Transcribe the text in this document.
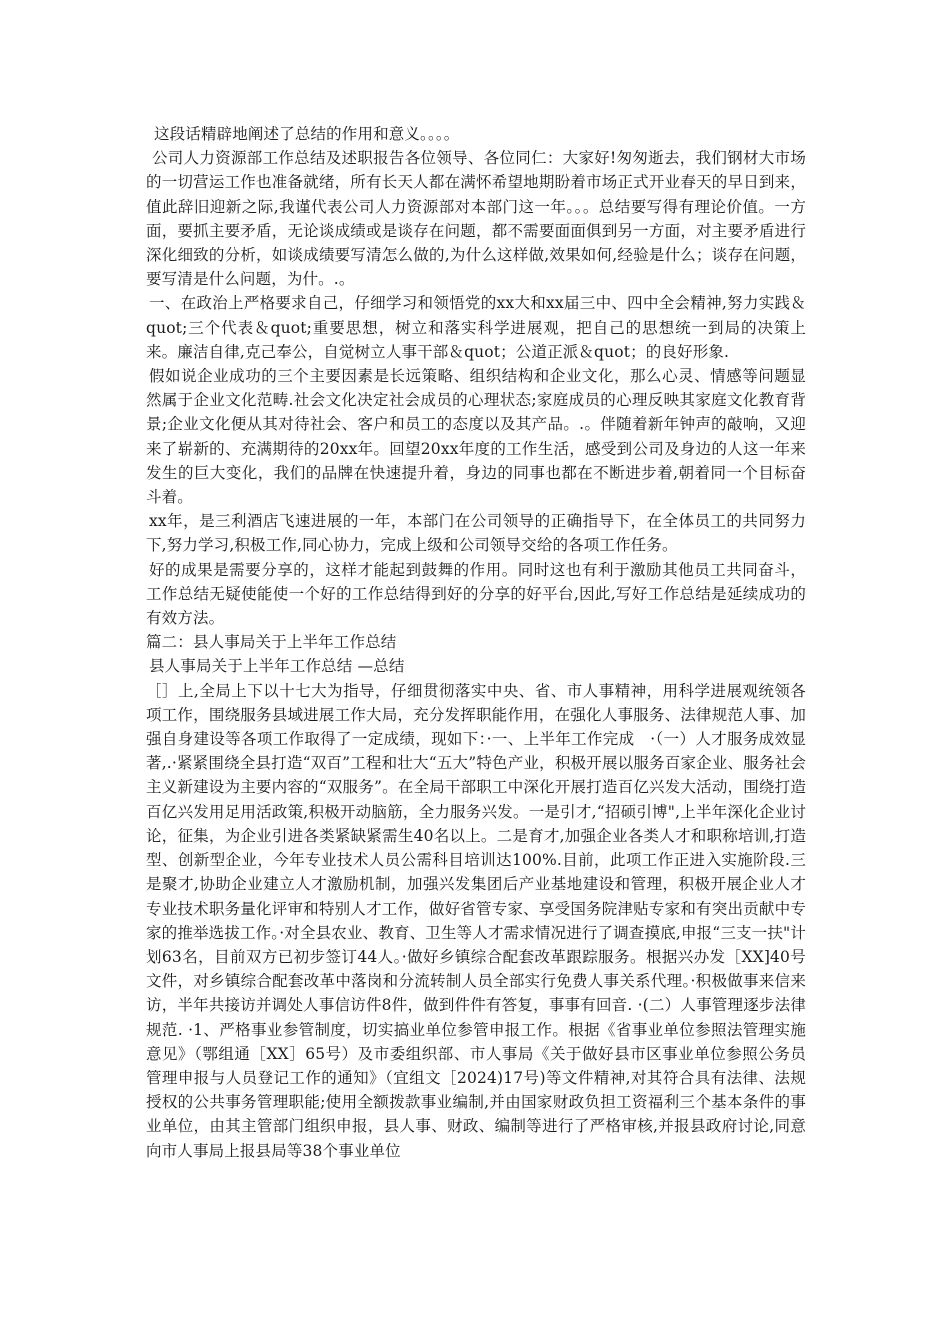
这段话精辟地阐述了总结的作用和意义。。。。

公司人力资源部工作总结及述职报告各位领导、各位同仁：大家好!匆匆逝去，我们钢材大市场的一切营运工作也准备就绪，所有长天人都在满怀希望地期盼着市场正式开业春天的早日到来，值此辞旧迎新之际,我谨代表公司人力资源部对本部门这一年。。。总结要写得有理论价值。一方面，要抓主要矛盾，无论谈成绩或是谈存在问题，都不需要面面俱到另一方面，对主要矛盾进行深化细致的分析，如谈成绩要写清怎么做的,为什么这样做,效果如何,经验是什么；谈存在问题，要写清是什么问题，为什。.。

一、在政治上严格要求自己，仔细学习和领悟党的xx大和xx届三中、四中全会精神,努力实践＆quot;三个代表＆quot;重要思想，树立和落实科学进展观，把自己的思想统一到局的决策上来。廉洁自律,克己奉公，自觉树立人事干部＆quot；公道正派＆quot；的良好形象.

假如说企业成功的三个主要因素是长远策略、组织结构和企业文化，那么心灵、情感等问题显然属于企业文化范畴.社会文化决定社会成员的心理状态;家庭成员的心理反映其家庭文化教育背景;企业文化便从其对待社会、客户和员工的态度以及其产品。.。伴随着新年钟声的敲响，又迎来了崭新的、充满期待的20xx年。回望20xx年度的工作生活，感受到公司及身边的人这一年来发生的巨大变化，我们的品牌在快速提升着，身边的同事也都在不断进步着,朝着同一个目标奋斗着。

xx年，是三利酒店飞速进展的一年，本部门在公司领导的正确指导下，在全体员工的共同努力下,努力学习,积极工作,同心协力，完成上级和公司领导交给的各项工作任务。

好的成果是需要分享的，这样才能起到鼓舞的作用。同时这也有利于激励其他员工共同奋斗，工作总结无疑使能使一个好的工作总结得到好的分享的好平台,因此,写好工作总结是延续成功的有效方法。

篇二：县人事局关于上半年工作总结

县人事局关于上半年工作总结 —总结

［］上,全局上下以十七大为指导，仔细贯彻落实中央、省、市人事精神，用科学进展观统领各项工作，围绕服务县域进展工作大局，充分发挥职能作用，在强化人事服务、法律规范人事、加强自身建设等各项工作取得了一定成绩，现如下：·一、上半年工作完成　·（一）人才服务成效显著,.·紧紧围绕全县打造“双百”工程和壮大“五大”特色产业，积极开展以服务百家企业、服务社会主义新建设为主要内容的“双服务”。在全局干部职工中深化开展打造百亿兴发大活动，围绕打造百亿兴发用足用活政策,积极开动脑筋，全力服务兴发。一是引才,“招硕引博",上半年深化企业讨论，征集，为企业引进各类紧缺紧需生40名以上。二是育才,加强企业各类人才和职称培训,打造型、创新型企业，今年专业技术人员公需科目培训达100%.目前，此项工作正进入实施阶段.三是聚才,协助企业建立人才激励机制，加强兴发集团后产业基地建设和管理，积极开展企业人才专业技术职务量化评审和特别人才工作，做好省管专家、享受国务院津贴专家和有突出贡献中专家的推举选拔工作。·对全县农业、教育、卫生等人才需求情况进行了调查摸底,申报“三支一扶"计划63名，目前双方已初步签订44人。·做好乡镇综合配套改革跟踪服务。根据兴办发［XX]40号文件，对乡镇综合配套改革中落岗和分流转制人员全部实行免费人事关系代理。·积极做事来信来访，半年共接访并调处人事信访件8件，做到件件有答复，事事有回音. ·(二）人事管理逐步法律规范. ·1、严格事业参管制度，切实搞业单位参管申报工作。根据《省事业单位参照法管理实施意见》（鄂组通［XX］65号）及市委组织部、市人事局《关于做好县市区事业单位参照公务员管理申报与人员登记工作的通知》（宜组文［2024)17号)等文件精神,对其符合具有法律、法规授权的公共事务管理职能;使用全额拨款事业编制,并由国家财政负担工资福利三个基本条件的事业单位，由其主管部门组织申报，县人事、财政、编制等进行了严格审核,并报县政府讨论,同意向市人事局上报县局等38个事业单位
